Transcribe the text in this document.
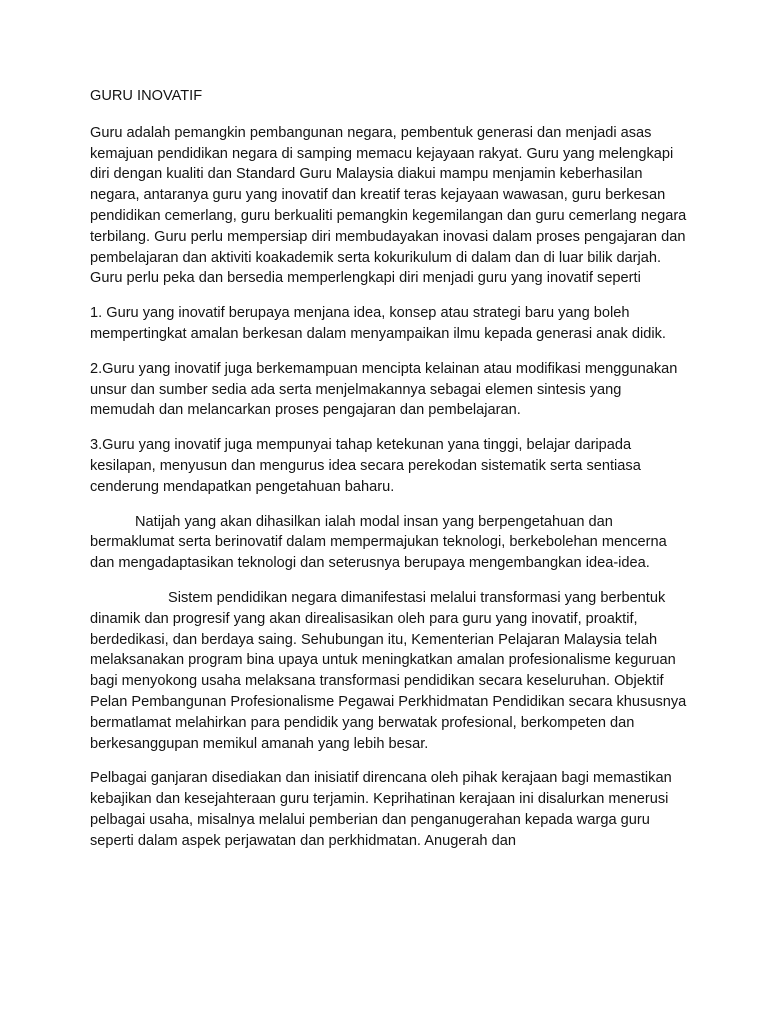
GURU INOVATIF

Guru adalah pemangkin pembangunan negara, pembentuk generasi dan menjadi asas kemajuan pendidikan negara di samping memacu kejayaan rakyat. Guru yang melengkapi diri dengan kualiti dan Standard Guru Malaysia diakui mampu menjamin keberhasilan negara, antaranya guru yang inovatif dan kreatif teras kejayaan wawasan, guru berkesan pendidikan cemerlang, guru berkualiti pemangkin kegemilangan dan guru cemerlang negara terbilang. Guru perlu mempersiap diri membudayakan inovasi dalam proses pengajaran dan pembelajaran dan aktiviti koakademik serta kokurikulum di dalam dan di luar bilik darjah. Guru perlu peka dan bersedia memperlengkapi diri menjadi guru yang inovatif seperti

1. Guru yang inovatif berupaya menjana idea, konsep atau strategi baru yang boleh mempertingkat amalan berkesan dalam menyampaikan ilmu kepada generasi anak didik.

2.Guru yang inovatif juga berkemampuan mencipta kelainan atau modifikasi menggunakan unsur dan sumber sedia ada serta menjelmakannya sebagai elemen sintesis yang memudah dan melancarkan proses pengajaran dan pembelajaran.

3.Guru yang inovatif juga mempunyai tahap ketekunan yana tinggi, belajar daripada kesilapan, menyusun dan mengurus idea secara perekodan sistematik serta sentiasa cenderung mendapatkan pengetahuan baharu.

Natijah yang akan dihasilkan ialah modal insan yang berpengetahuan dan bermaklumat serta berinovatif dalam mempermajukan teknologi, berkebolehan mencerna dan mengadaptasikan teknologi dan seterusnya berupaya mengembangkan idea-idea.

Sistem pendidikan negara dimanifestasi melalui transformasi yang berbentuk dinamik dan progresif yang akan direalisasikan oleh para guru yang inovatif, proaktif, berdedikasi, dan berdaya saing. Sehubungan itu, Kementerian Pelajaran Malaysia telah melaksanakan program bina upaya untuk meningkatkan amalan profesionalisme keguruan bagi menyokong usaha melaksana transformasi pendidikan secara keseluruhan. Objektif Pelan Pembangunan Profesionalisme Pegawai Perkhidmatan Pendidikan secara khususnya bermatlamat melahirkan para pendidik yang berwatak profesional, berkompeten dan berkesanggupan memikul amanah yang lebih besar.

Pelbagai ganjaran disediakan dan inisiatif direncana oleh pihak kerajaan bagi memastikan kebajikan dan kesejahteraan guru terjamin. Keprihatinan kerajaan ini disalurkan menerusi pelbagai usaha, misalnya melalui pemberian dan penganugerahan kepada warga guru seperti dalam aspek perjawatan dan perkhidmatan. Anugerah dan
